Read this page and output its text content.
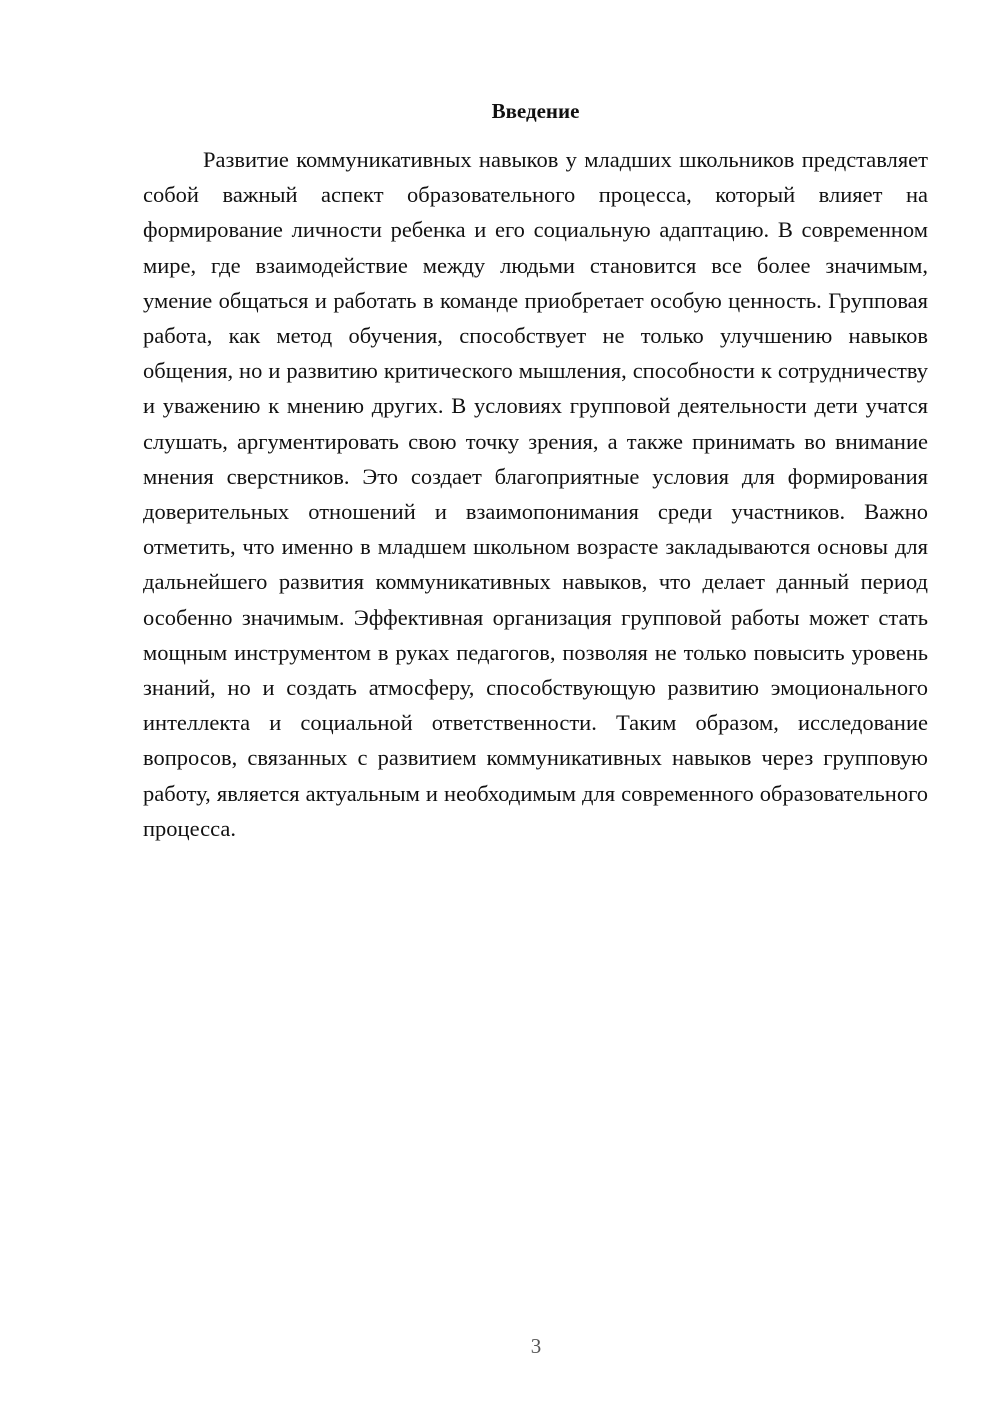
Введение

Развитие коммуникативных навыков у младших школьников представляет собой важный аспект образовательного процесса, который влияет на формирование личности ребенка и его социальную адаптацию. В современном мире, где взаимодействие между людьми становится все более значимым, умение общаться и работать в команде приобретает особую ценность. Групповая работа, как метод обучения, способствует не только улучшению навыков общения, но и развитию критического мышления, способности к сотрудничеству и уважению к мнению других. В условиях групповой деятельности дети учатся слушать, аргументировать свою точку зрения, а также принимать во внимание мнения сверстников. Это создает благоприятные условия для формирования доверительных отношений и взаимопонимания среди участников. Важно отметить, что именно в младшем школьном возрасте закладываются основы для дальнейшего развития коммуникативных навыков, что делает данный период особенно значимым. Эффективная организация групповой работы может стать мощным инструментом в руках педагогов, позволяя не только повысить уровень знаний, но и создать атмосферу, способствующую развитию эмоционального интеллекта и социальной ответственности. Таким образом, исследование вопросов, связанных с развитием коммуникативных навыков через групповую работу, является актуальным и необходимым для современного образовательного процесса.

3
